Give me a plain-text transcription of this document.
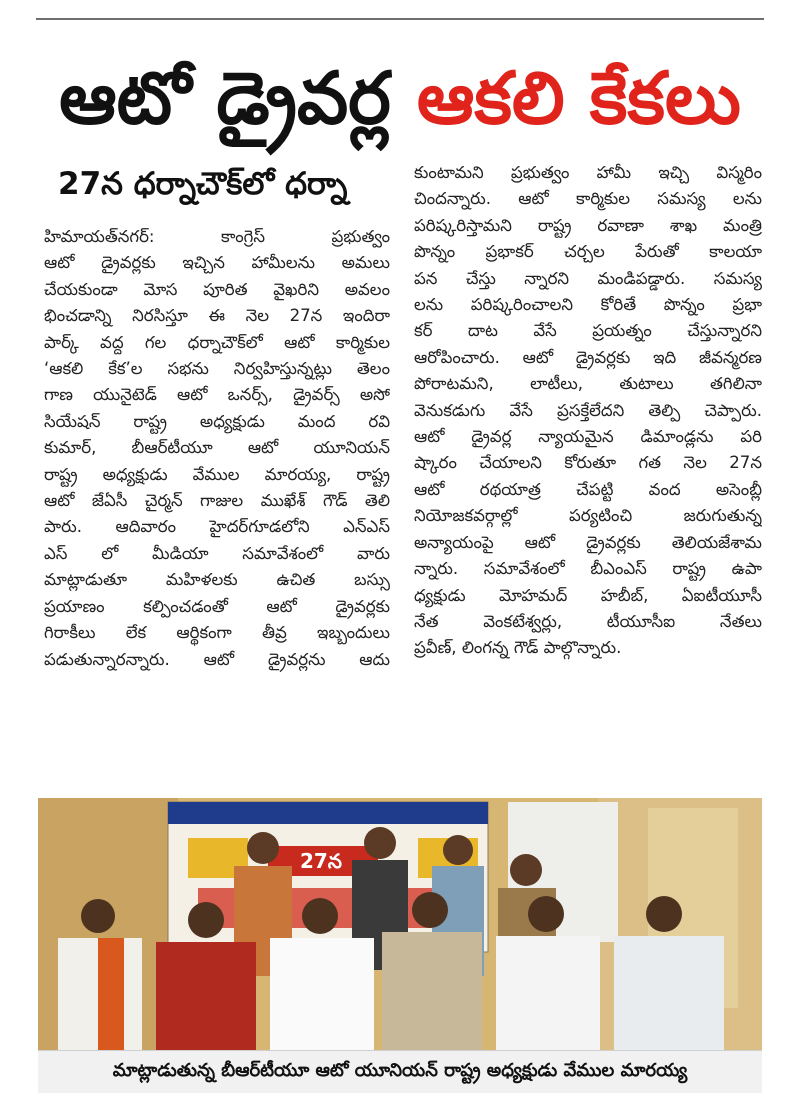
ఆటో డ్రైవర్ల ఆకలి కేకలు
27న ధర్నాచౌక్‌లో ధర్నా
హిమాయత్‌నగర్: కాంగ్రెస్ ప్రభుత్వం
ఆటో డ్రైవర్లకు ఇచ్చిన హామీలను అమలు
చేయకుండా మోస పూరిత వైఖరిని అవలం
భించడాన్ని నిరసిస్తూ ఈ నెల 27న ఇందిరా
పార్క్ వద్ద గల ధర్నాచౌక్‌లో ఆటో కార్మికుల
‘ఆకలి కేక’ల సభను నిర్వహిస్తున్నట్లు తెలం
గాణ యునైటెడ్ ఆటో ఒనర్స్, డ్రైవర్స్ అసో
సియేషన్ రాష్ట్ర అధ్యక్షుడు మంద రవి
కుమార్, బీఆర్‌టీయూ ఆటో యూనియన్
రాష్ట్ర అధ్యక్షుడు వేముల మారయ్య, రాష్ట్ర
ఆటో జేఏసీ చైర్మన్ గాజుల ముఖేశ్ గౌడ్ తెలి
పారు. ఆదివారం హైదర్‌గూడలోని ఎన్ఎస్
ఎస్ లో మీడియా సమావేశంలో వారు
మాట్లాడుతూ మహిళలకు ఉచిత బస్సు
ప్రయాణం కల్పించడంతో ఆటో డ్రైవర్లకు
గిరాకీలు లేక ఆర్థికంగా తీవ్ర ఇబ్బందులు
పడుతున్నారన్నారు. ఆటో డ్రైవర్లను ఆదు
కుంటామని ప్రభుత్వం హామీ ఇచ్చి విస్మరిం
చిందన్నారు. ఆటో కార్మికుల సమస్య లను
పరిష్కరిస్తామని రాష్ట్ర రవాణా శాఖ మంత్రి
పొన్నం ప్రభాకర్ చర్చల పేరుతో కాలయా
పన చేస్తు న్నారని మండిపడ్డారు. సమస్య
లను పరిష్కరించాలని కోరితే పొన్నం ప్రభా
కర్ దాట వేసే ప్రయత్నం చేస్తున్నారని
ఆరోపించారు. ఆటో డ్రైవర్లకు ఇది జీవన్మరణ
పోరాటమని, లాటీలు, తుటాలు తగిలినా
వెనుకడుగు వేసే ప్రసక్తేలేదని తెల్పి చెప్పారు.
ఆటో డ్రైవర్ల న్యాయమైన డిమాండ్లను పరి
ష్కారం చేయాలని కోరుతూ గత నెల 27న
ఆటో రథయాత్ర చేపట్టి వంద అసెంబ్లీ
నియోజకవర్గాల్లో పర్యటించి జరుగుతున్న
అన్యాయంపై ఆటో డ్రైవర్లకు తెలియజేశామ
న్నారు. సమావేశంలో బీఎంఎస్ రాష్ట్ర ఉపా
ధ్యక్షుడు మోహమద్ హబీబ్, ఏఐటీయూసీ
నేత వెంకటేశ్వర్లు, టీయూసీఐ నేతలు
ప్రవీణ్, లింగన్న గౌడ్ పాల్గొన్నారు.
27న
మాట్లాడుతున్న బీఆర్‌టీయూ ఆటో యూనియన్ రాష్ట్ర అధ్యక్షుడు వేముల మారయ్య
